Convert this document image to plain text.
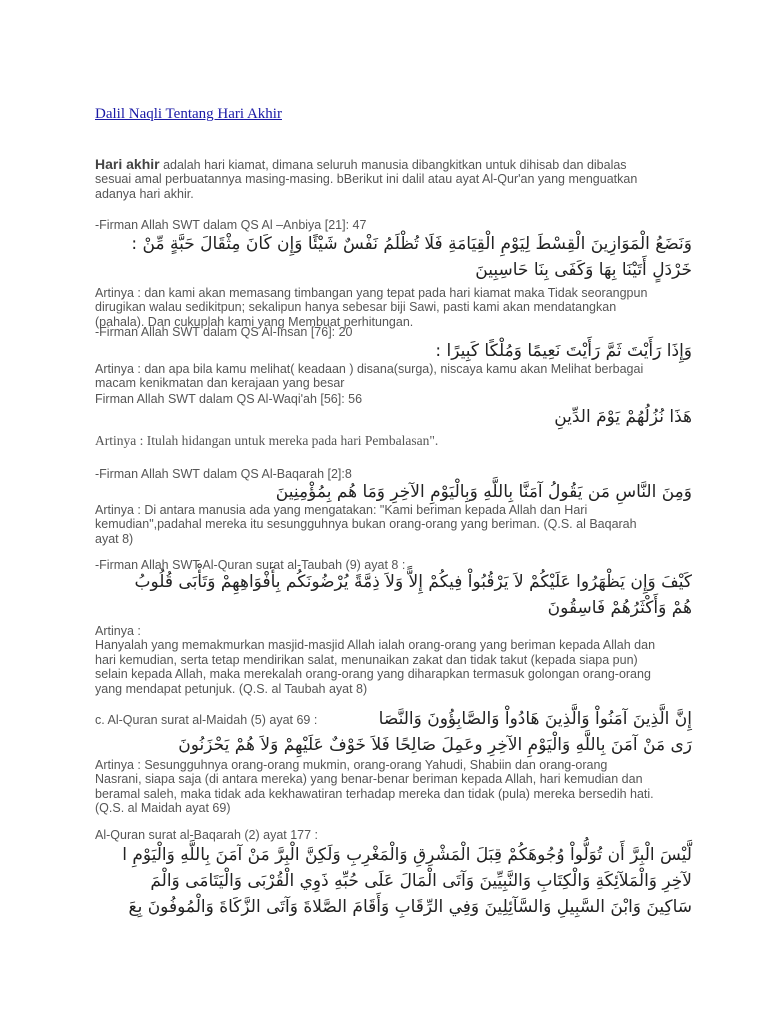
Dalil Naqli Tentang Hari Akhir
Hari akhir adalah hari kiamat, dimana seluruh manusia dibangkitkan untuk dihisab dan dibalas
sesuai amal perbuatannya masing-masing. bBerikut ini dalil atau ayat Al-Qur'an yang menguatkan
adanya hari akhir.
-Firman Allah SWT dalam QS Al –Anbiya [21]: 47
وَنَضَعُ الْمَوَازِينَ الْقِسْطَ لِيَوْمِ الْقِيَامَةِ فَلَا تُظْلَمُ نَفْسٌ شَيْئًا وَإِن كَانَ مِثْقَالَ حَبَّةٍ مِّنْ :
خَرْدَلٍ أَتَيْنَا بِهَا وَكَفَى بِنَا حَاسِبِينَ
Artinya : dan kami akan memasang timbangan yang tepat pada hari kiamat maka Tidak seorangpun
dirugikan walau sedikitpun; sekalipun hanya sebesar biji Sawi, pasti kami akan mendatangkan
(pahala). Dan cukuplah kami yang Membuat perhitungan.
-Firman Allah SWT dalam QS Al-Insan [76]: 20
وَإِذَا رَأَيْتَ ثَمَّ رَأَيْتَ نَعِيمًا وَمُلْكًا كَبِيرًا :
Artinya : dan apa bila kamu melihat( keadaan ) disana(surga), niscaya kamu akan Melihat berbagai
macam kenikmatan dan kerajaan yang besar
Firman Allah SWT dalam QS Al-Waqi'ah [56]: 56
هَذَا نُزُلُهُمْ يَوْمَ الدِّينِ
Artinya : Itulah hidangan untuk mereka pada hari Pembalasan".
-Firman Allah SWT dalam QS Al-Baqarah [2]:8
وَمِنَ النَّاسِ مَن يَقُولُ آمَنَّا بِاللَّهِ وَبِالْيَوْمِ الآخِرِ وَمَا هُم بِمُؤْمِنِينَ
Artinya : Di antara manusia ada yang mengatakan: "Kami beriman kepada Allah dan Hari
kemudian",padahal mereka itu sesungguhnya bukan orang-orang yang beriman. (Q.S. al Baqarah
ayat 8)
-Firman Allah SWT Al-Quran surat al-Taubah (9) ayat 8 :
كَيْفَ وَإِن يَظْهَرُوا عَلَيْكُمْ لاَ يَرْقُبُواْ فِيكُمْ إِلاًّ وَلاَ ذِمَّةً يُرْضُونَكُم بِأَفْوَاهِهِمْ وَتَأْبَى قُلُوبُ
هُمْ وَأَكْثَرُهُمْ فَاسِقُونَ
Artinya :
Hanyalah yang memakmurkan masjid-masjid Allah ialah orang-orang yang beriman kepada Allah dan
hari kemudian, serta tetap mendirikan salat, menunaikan zakat dan tidak takut (kepada siapa pun)
selain kepada Allah, maka merekalah orang-orang yang diharapkan termasuk golongan orang-orang
yang mendapat petunjuk. (Q.S. al Taubah ayat 8)
c. Al-Quran surat al-Maidah (5) ayat 69 :	إِنَّ الَّذِينَ آمَنُواْ وَالَّذِينَ هَادُواْ وَالصَّابِؤُونَ وَالنَّصَا
رَى مَنْ آمَنَ بِاللَّهِ وَالْيَوْمِ الآخِرِ وعَمِلَ صَالِحًا فَلاَ خَوْفٌ عَلَيْهِمْ وَلاَ هُمْ يَحْزَنُونَ
Artinya : Sesungguhnya orang-orang mukmin, orang-orang Yahudi, Shabiin dan orang-orang
Nasrani, siapa saja (di antara mereka) yang benar-benar beriman kepada Allah, hari kemudian dan
beramal saleh, maka tidak ada kekhawatiran terhadap mereka dan tidak (pula) mereka bersedih hati.
(Q.S. al Maidah ayat 69)
Al-Quran surat al-Baqarah (2) ayat 177 :
لَّيْسَ الْبِرَّ أَن تُوَلُّواْ وُجُوهَكُمْ قِبَلَ الْمَشْرِقِ وَالْمَغْرِبِ وَلَكِنَّ الْبِرَّ مَنْ آمَنَ بِاللَّهِ وَالْيَوْمِ ا
لآخِرِ وَالْمَلآئِكَةِ وَالْكِتَابِ وَالنَّبِيِّينَ وَآتَى الْمَالَ عَلَى حُبِّهِ ذَوِي الْقُرْبَى وَالْيَتَامَى وَالْمَ
سَاكِينَ وَابْنَ السَّبِيلِ وَالسَّآئِلِينَ وَفِي الرِّقَابِ وَأَقَامَ الصَّلاةَ وَآتَى الزَّكَاةَ وَالْمُوفُونَ بِعَ
